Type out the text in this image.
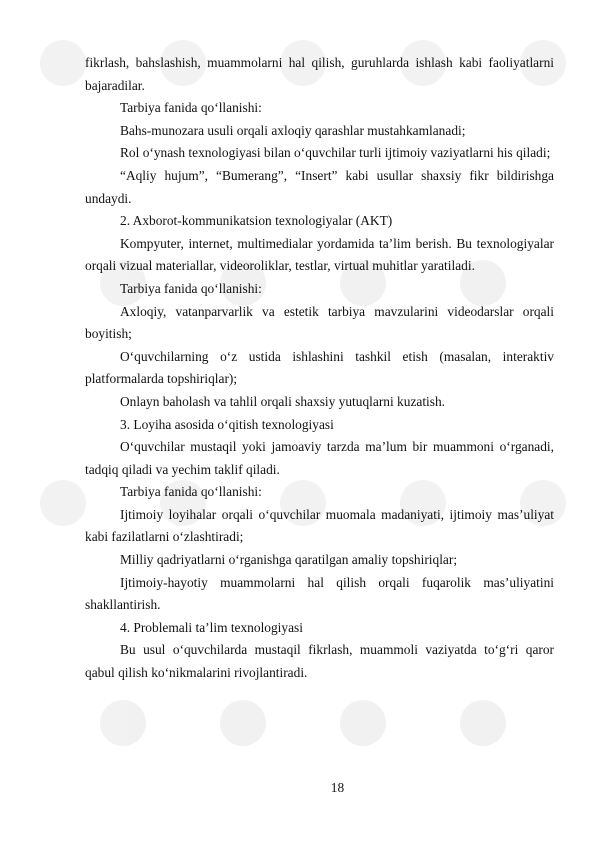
fikrlash, bahslashish, muammolarni hal qilish, guruhlarda ishlash kabi faoliyatlarni bajaradilar.

Tarbiya fanida qo‘llanishi:

Bahs-munozara usuli orqali axloqiy qarashlar mustahkamlanadi;

Rol o‘ynash texnologiyasi bilan o‘quvchilar turli ijtimoiy vaziyatlarni his qiladi;

“Aqliy hujum”, “Bumerang”, “Insert” kabi usullar shaxsiy fikr bildirishga undaydi.

2. Axborot-kommunikatsion texnologiyalar (AKT)

Kompyuter, internet, multimedialar yordamida ta’lim berish. Bu texnologiyalar orqali vizual materiallar, videoroliklar, testlar, virtual muhitlar yaratiladi.

Tarbiya fanida qo‘llanishi:

Axloqiy, vatanparvarlik va estetik tarbiya mavzularini videodarslar orqali boyitish;

O‘quvchilarning o‘z ustida ishlashini tashkil etish (masalan, interaktiv platformalarda topshiriqlar);

Onlayn baholash va tahlil orqali shaxsiy yutuqlarni kuzatish.

3. Loyiha asosida o‘qitish texnologiyasi

O‘quvchilar mustaqil yoki jamoaviy tarzda ma’lum bir muammoni o‘rganadi, tadqiq qiladi va yechim taklif qiladi.

Tarbiya fanida qo‘llanishi:

Ijtimoiy loyihalar orqali o‘quvchilar muomala madaniyati, ijtimoiy mas’uliyat kabi fazilatlarni o‘zlashtiradi;

Milliy qadriyatlarni o‘rganishga qaratilgan amaliy topshiriqlar;

Ijtimoiy-hayotiy muammolarni hal qilish orqali fuqarolik mas’uliyatini shakllantirish.

4. Problemali ta’lim texnologiyasi

Bu usul o‘quvchilarda mustaqil fikrlash, muammoli vaziyatda to‘g‘ri qaror qabul qilish ko‘nikmalarini rivojlantiradi.

18
